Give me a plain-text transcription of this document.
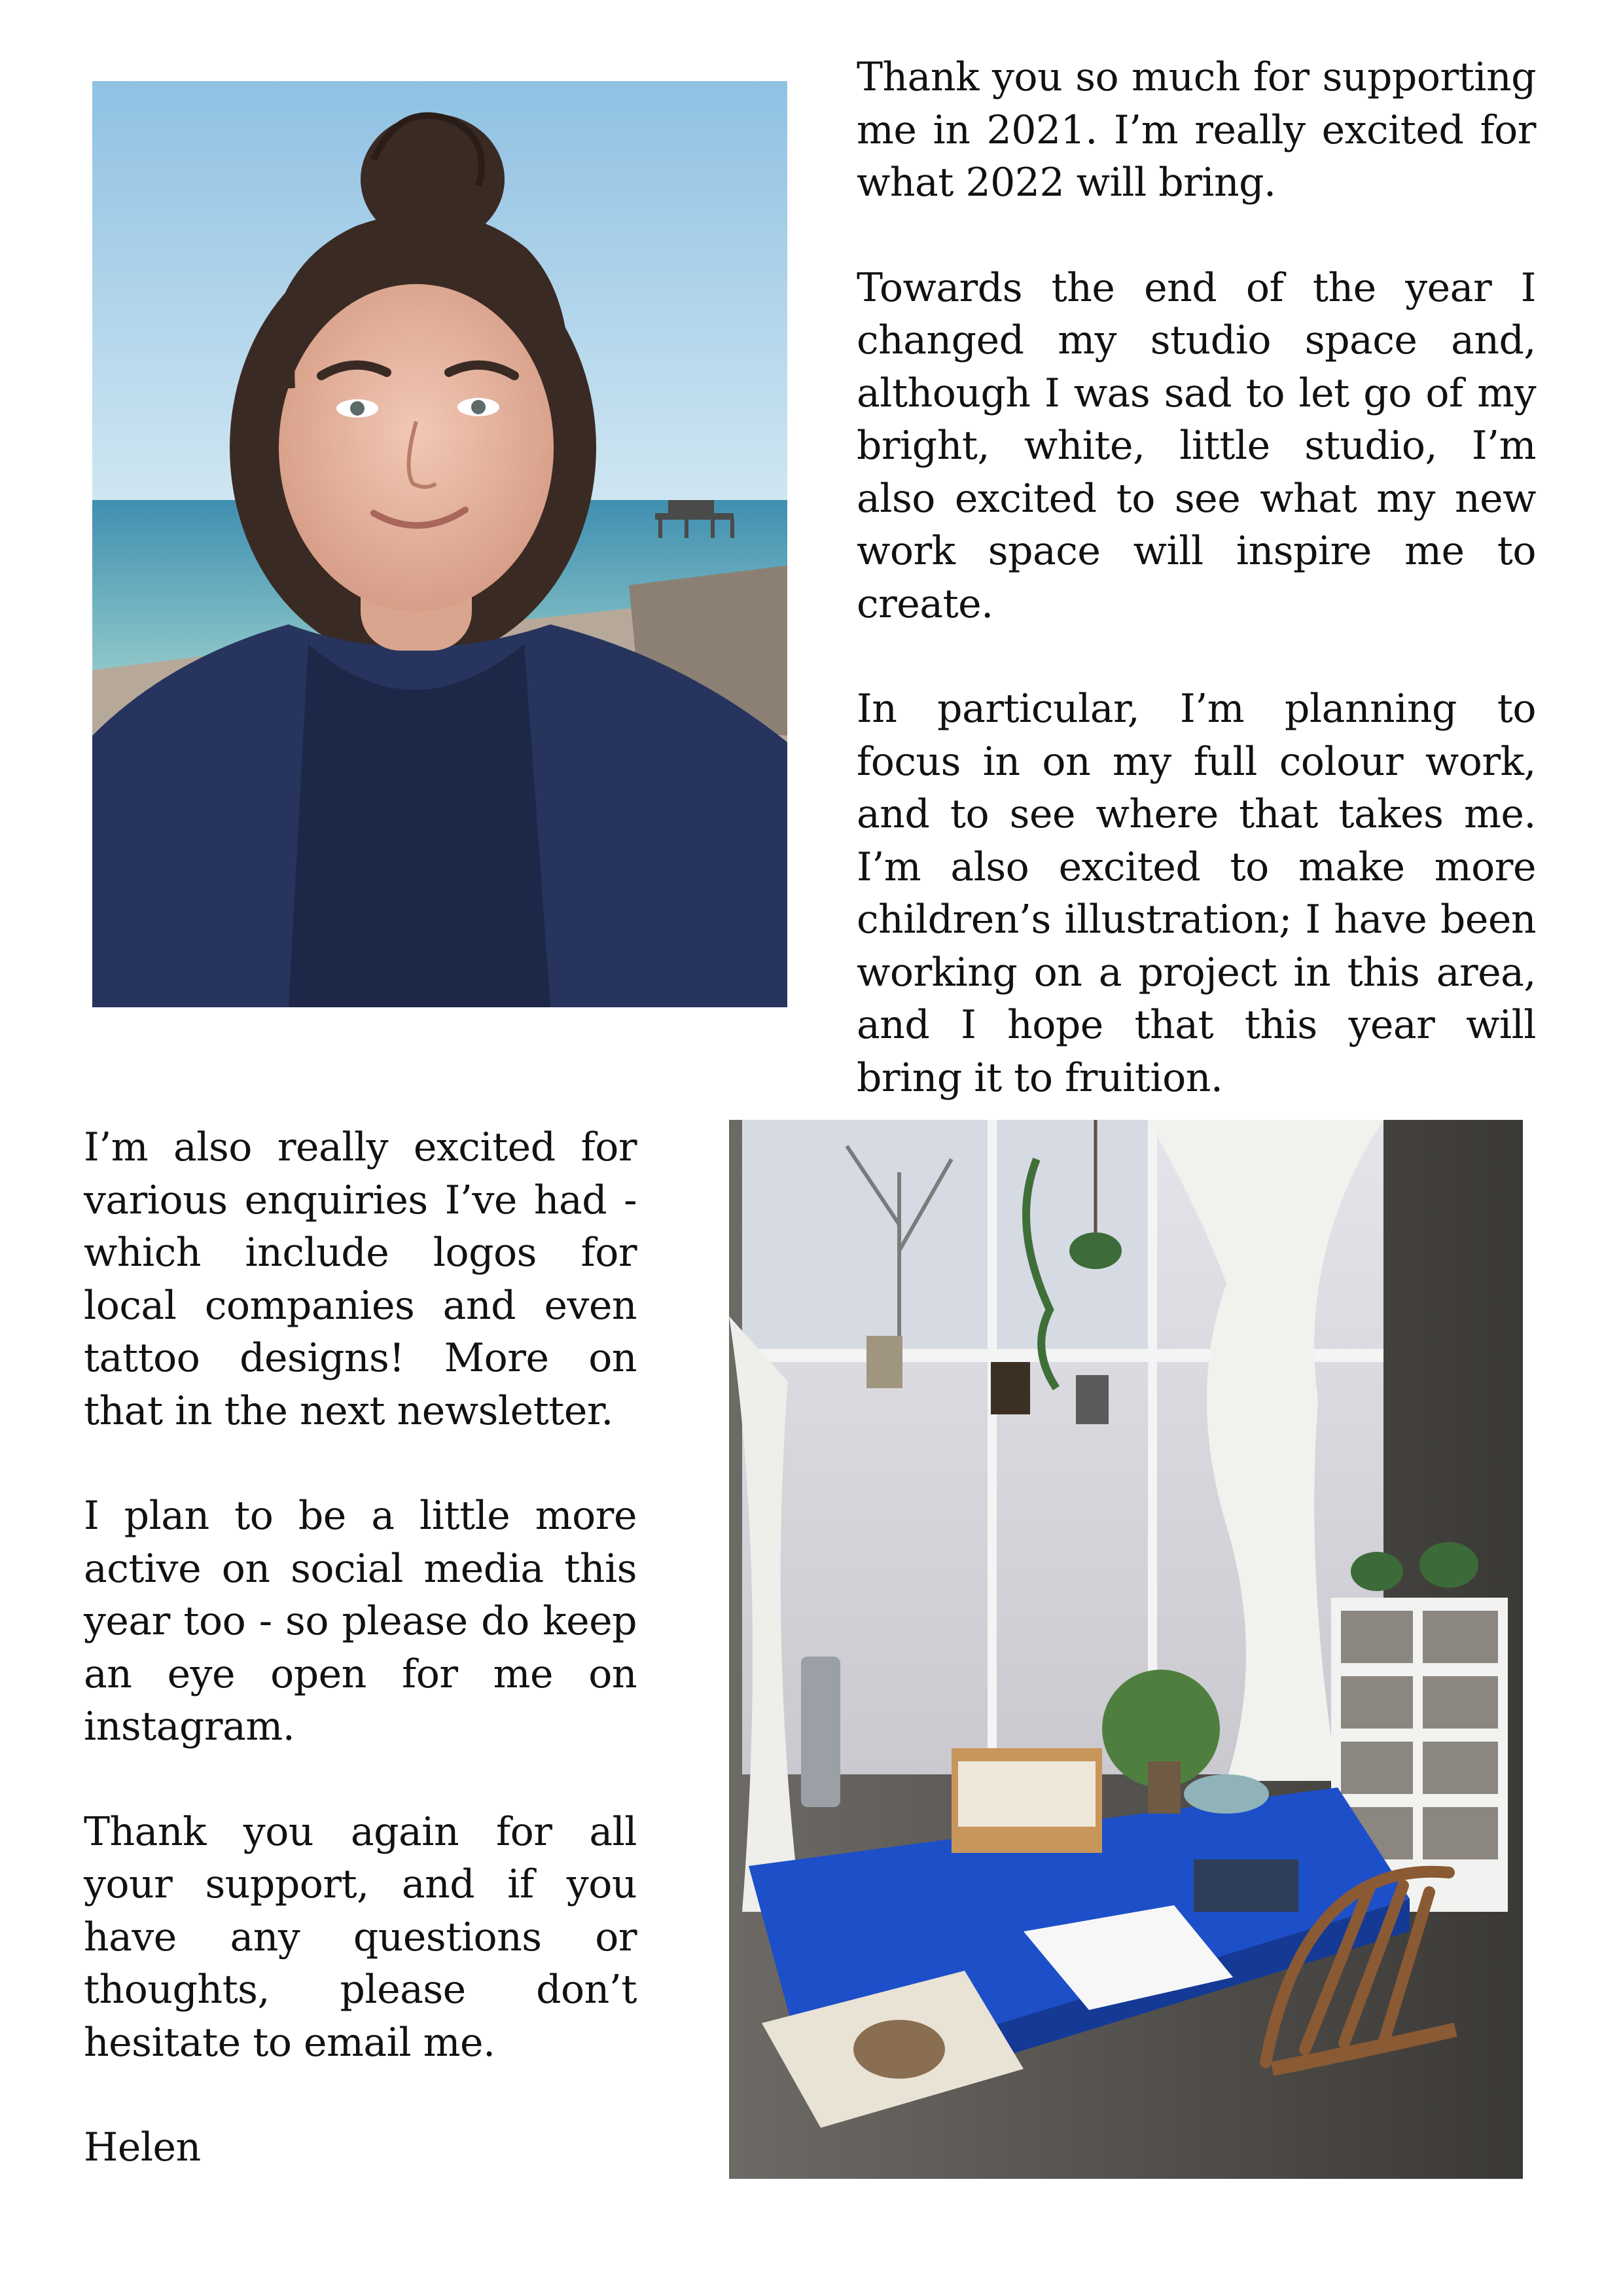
Thank you so much for supporting me in 2021. I’m really excited for what 2022 will bring.

Towards the end of the year I changed my studio space and, although I was sad to let go of my bright, white, little studio, I’m also excited to see what my new work space will inspire me to create.

In particular, I’m planning to focus in on my full colour work, and to see where that takes me. I’m also excited to make more children’s illustration; I have been working on a project in this area, and I hope that this year will bring it to fruition.

I’m also really excited for various enquiries I’ve had - which include logos for local companies and even tattoo designs! More on that in the next newsletter.

I plan to be a little more active on social media this year too - so please do keep an eye open for me on instagram.

Thank you again for all your support, and if you have any questions or thoughts, please don’t hesitate to email me.

Helen
